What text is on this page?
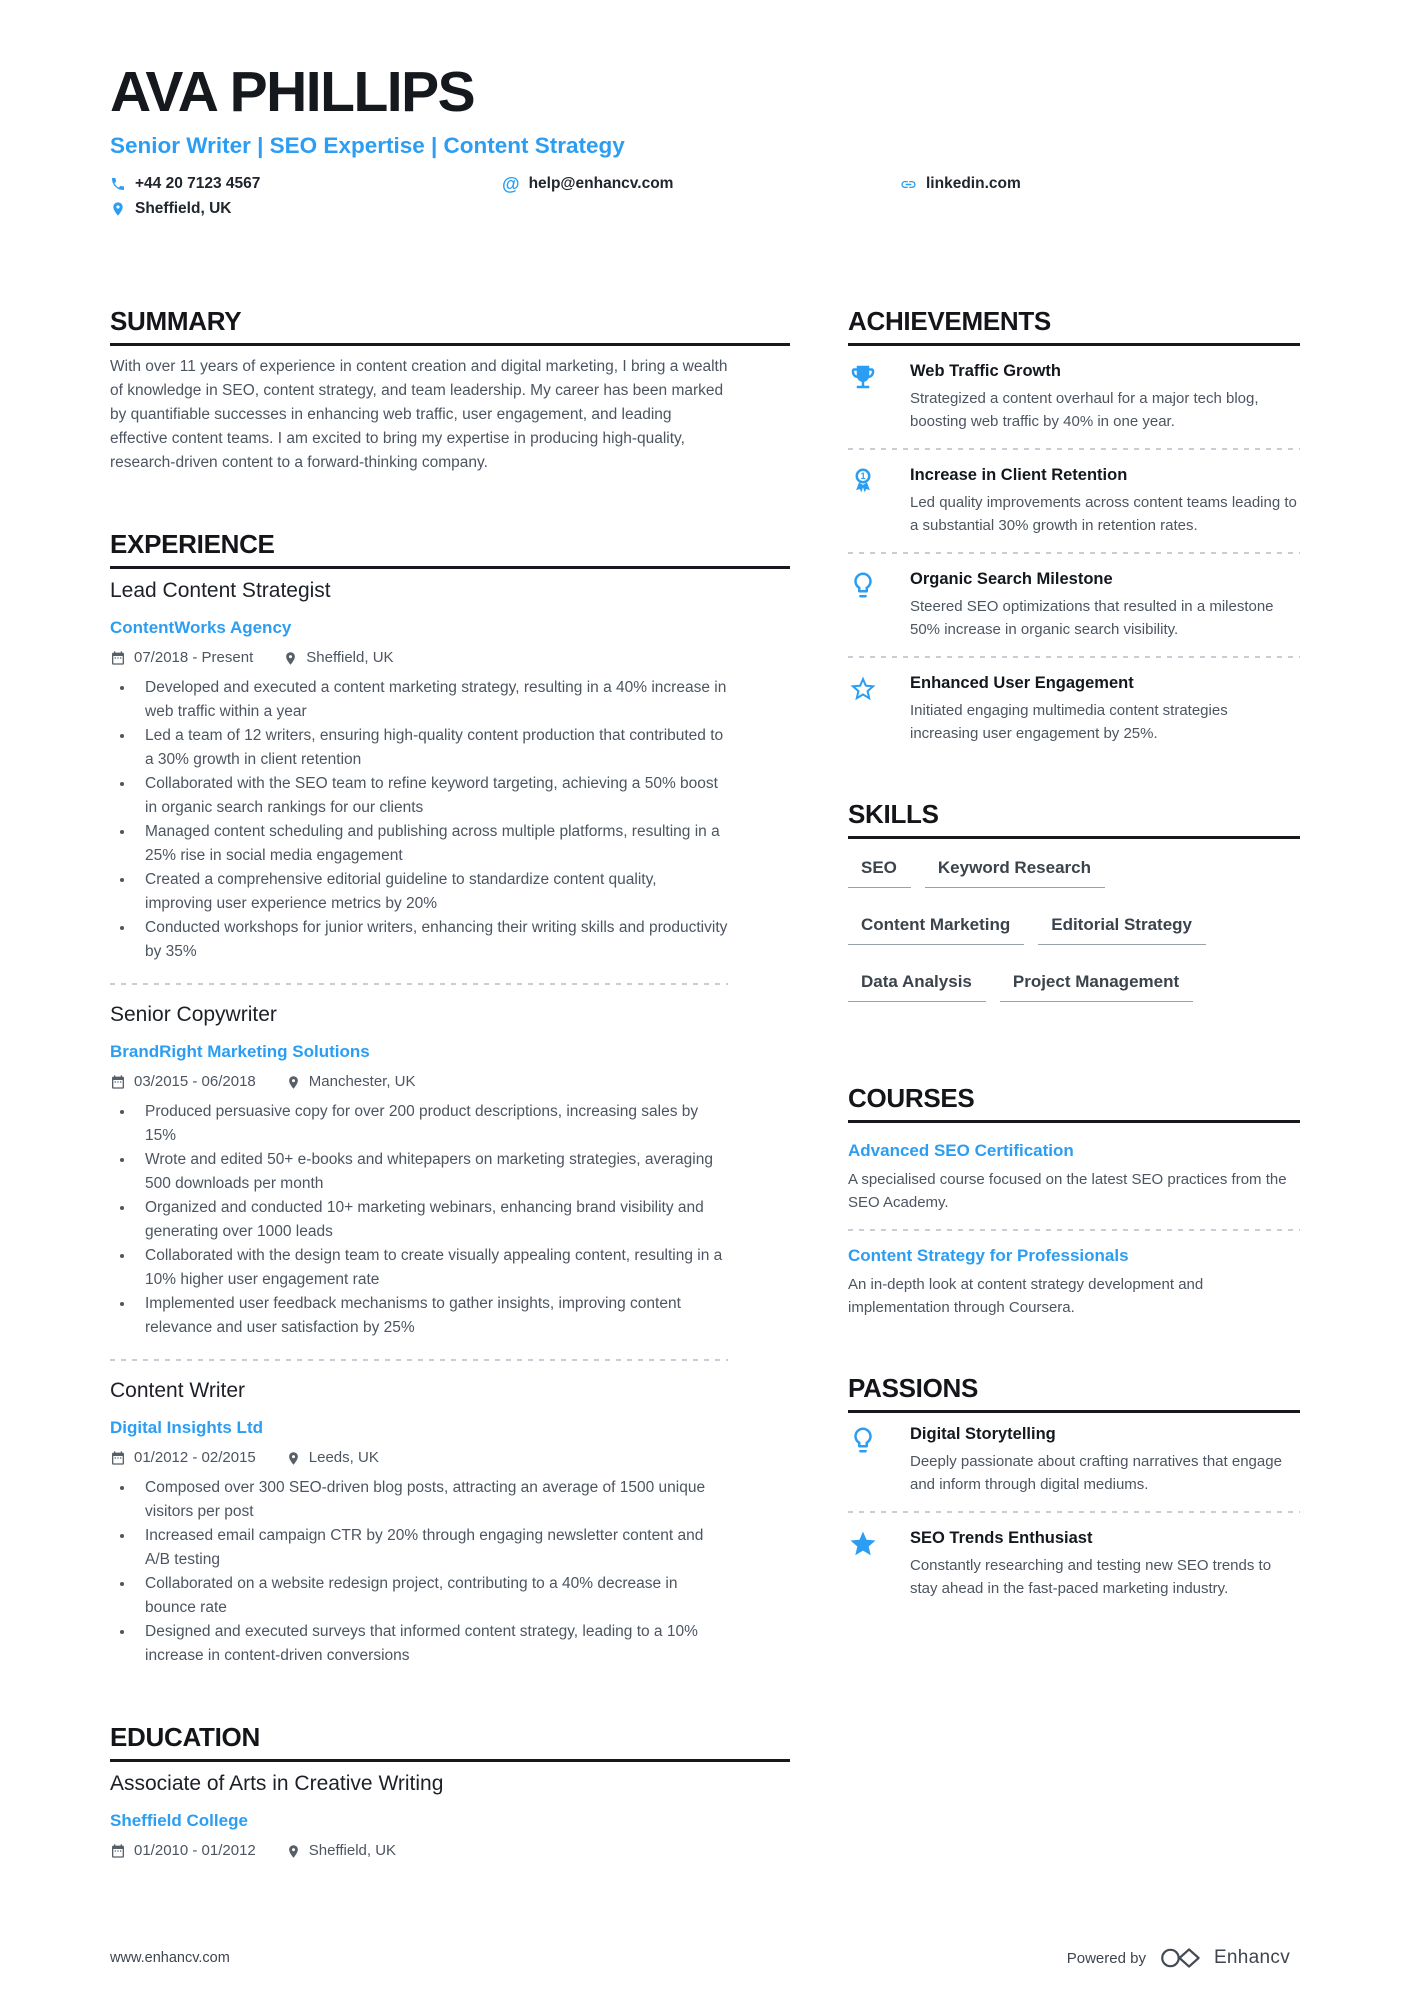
AVA PHILLIPS
Senior Writer | SEO Expertise | Content Strategy
+44 20 7123 4567	@ help@enhancv.com	linkedin.com
Sheffield, UK
SUMMARY

With over 11 years of experience in content creation and digital marketing, I bring a wealth of knowledge in SEO, content strategy, and team leadership. My career has been marked by quantifiable successes in enhancing web traffic, user engagement, and leading effective content teams. I am excited to bring my expertise in producing high-quality, research-driven content to a forward-thinking company.

EXPERIENCE
Lead Content Strategist
ContentWorks Agency
07/2018 - Present	Sheffield, UK
Developed and executed a content marketing strategy, resulting in a 40% increase in web traffic within a year
Led a team of 12 writers, ensuring high-quality content production that contributed to a 30% growth in client retention
Collaborated with the SEO team to refine keyword targeting, achieving a 50% boost in organic search rankings for our clients
Managed content scheduling and publishing across multiple platforms, resulting in a 25% rise in social media engagement
Created a comprehensive editorial guideline to standardize content quality, improving user experience metrics by 20%
Conducted workshops for junior writers, enhancing their writing skills and productivity by 35%
Senior Copywriter
BrandRight Marketing Solutions
03/2015 - 06/2018	Manchester, UK
Produced persuasive copy for over 200 product descriptions, increasing sales by 15%
Wrote and edited 50+ e-books and whitepapers on marketing strategies, averaging 500 downloads per month
Organized and conducted 10+ marketing webinars, enhancing brand visibility and generating over 1000 leads
Collaborated with the design team to create visually appealing content, resulting in a 10% higher user engagement rate
Implemented user feedback mechanisms to gather insights, improving content relevance and user satisfaction by 25%
Content Writer
Digital Insights Ltd
01/2012 - 02/2015	Leeds, UK
Composed over 300 SEO-driven blog posts, attracting an average of 1500 unique visitors per post
Increased email campaign CTR by 20% through engaging newsletter content and A/B testing
Collaborated on a website redesign project, contributing to a 40% decrease in bounce rate
Designed and executed surveys that informed content strategy, leading to a 10% increase in content-driven conversions
EDUCATION
Associate of Arts in Creative Writing
Sheffield College
01/2010 - 01/2012	Sheffield, UK
ACHIEVEMENTS
Web Traffic Growth
Strategized a content overhaul for a major tech blog, boosting web traffic by 40% in one year.
1	Increase in Client Retention
Led quality improvements across content teams leading to a substantial 30% growth in retention rates.
Organic Search Milestone
Steered SEO optimizations that resulted in a milestone 50% increase in organic search visibility.
Enhanced User Engagement
Initiated engaging multimedia content strategies increasing user engagement by 25%.
SKILLS
SEO	Keyword Research
Content Marketing	Editorial Strategy
Data Analysis	Project Management
COURSES
Advanced SEO Certification
A specialised course focused on the latest SEO practices from the SEO Academy.
Content Strategy for Professionals
An in-depth look at content strategy development and implementation through Coursera.
PASSIONS
Digital Storytelling
Deeply passionate about crafting narratives that engage and inform through digital mediums.
SEO Trends Enthusiast
Constantly researching and testing new SEO trends to stay ahead in the fast-paced marketing industry.
www.enhancv.com	Powered by	Enhancv
